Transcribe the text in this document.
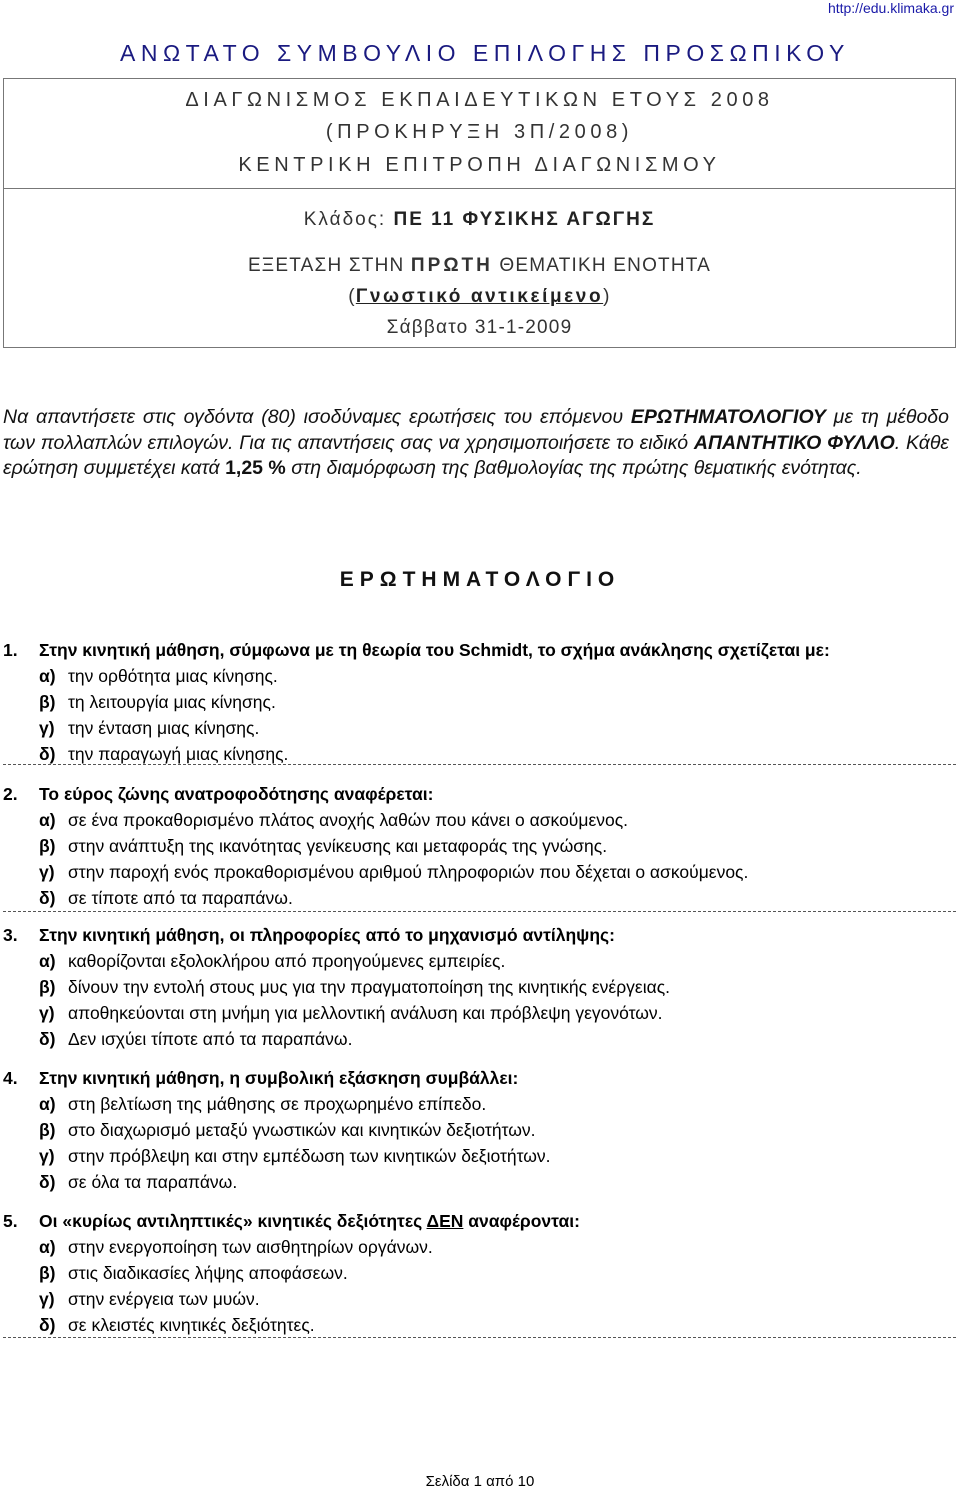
http://edu.klimaka.gr
ΑΝΩΤΑΤΟ ΣΥΜΒΟΥΛΙΟ ΕΠΙΛΟΓΗΣ ΠΡΟΣΩΠΙΚΟΥ
ΔΙΑΓΩΝΙΣΜΟΣ ΕΚΠΑΙΔΕΥΤΙΚΩΝ ΕΤΟΥΣ 2008
(ΠΡΟΚΗΡΥΞΗ 3Π/2008)
ΚΕΝΤΡΙΚΗ ΕΠΙΤΡΟΠΗ ΔΙΑΓΩΝΙΣΜΟΥ
Κλάδος: ΠΕ 11 ΦΥΣΙΚΗΣ ΑΓΩΓΗΣ
ΕΞΕΤΑΣΗ ΣΤΗΝ ΠΡΩΤΗ ΘΕΜΑΤΙΚΗ ΕΝΟΤΗΤΑ
(Γνωστικό αντικείμενο)
Σάββατο 31-1-2009
Να απαντήσετε στις ογδόντα (80) ισοδύναμες ερωτήσεις του επόμενου ΕΡΩΤΗΜΑΤΟΛΟΓΙΟΥ με τη μέθοδο των πολλαπλών επιλογών. Για τις απαντήσεις σας να χρησιμοποιήσετε το ειδικό ΑΠΑΝΤΗΤΙΚΟ ΦΥΛΛΟ. Κάθε ερώτηση συμμετέχει κατά 1,25 % στη διαμόρφωση της βαθμολογίας της πρώτης θεματικής ενότητας.
ΕΡΩΤΗΜΑΤΟΛΟΓΙΟ
1. Στην κινητική μάθηση, σύμφωνα με τη θεωρία του Schmidt, το σχήμα ανάκλησης σχετίζεται με:
α) την ορθότητα μιας κίνησης.
β) τη λειτουργία μιας κίνησης.
γ) την ένταση μιας κίνησης.
δ) την παραγωγή μιας κίνησης.
2. Το εύρος ζώνης ανατροφοδότησης αναφέρεται:
α) σε ένα προκαθορισμένο πλάτος ανοχής λαθών που κάνει ο ασκούμενος.
β) στην ανάπτυξη της ικανότητας γενίκευσης και μεταφοράς της γνώσης.
γ) στην παροχή ενός προκαθορισμένου αριθμού πληροφοριών που δέχεται ο ασκούμενος.
δ) σε τίποτε από τα παραπάνω.
3. Στην κινητική μάθηση, οι πληροφορίες από το μηχανισμό αντίληψης:
α) καθορίζονται εξολοκλήρου από προηγούμενες εμπειρίες.
β) δίνουν την εντολή στους μυς για την πραγματοποίηση της κινητικής ενέργειας.
γ) αποθηκεύονται στη μνήμη για μελλοντική ανάλυση και πρόβλεψη γεγονότων.
δ) Δεν ισχύει τίποτε από τα παραπάνω.
4. Στην κινητική μάθηση, η συμβολική εξάσκηση συμβάλλει:
α) στη βελτίωση της μάθησης σε προχωρημένο επίπεδο.
β) στο διαχωρισμό μεταξύ γνωστικών και κινητικών δεξιοτήτων.
γ) στην πρόβλεψη και στην εμπέδωση των κινητικών δεξιοτήτων.
δ) σε όλα τα παραπάνω.
5. Οι «κυρίως αντιληπτικές» κινητικές δεξιότητες ΔΕΝ αναφέρονται:
α) στην ενεργοποίηση των αισθητηρίων οργάνων.
β) στις διαδικασίες λήψης αποφάσεων.
γ) στην ενέργεια των μυών.
δ) σε κλειστές κινητικές δεξιότητες.
Σελίδα 1 από 10
